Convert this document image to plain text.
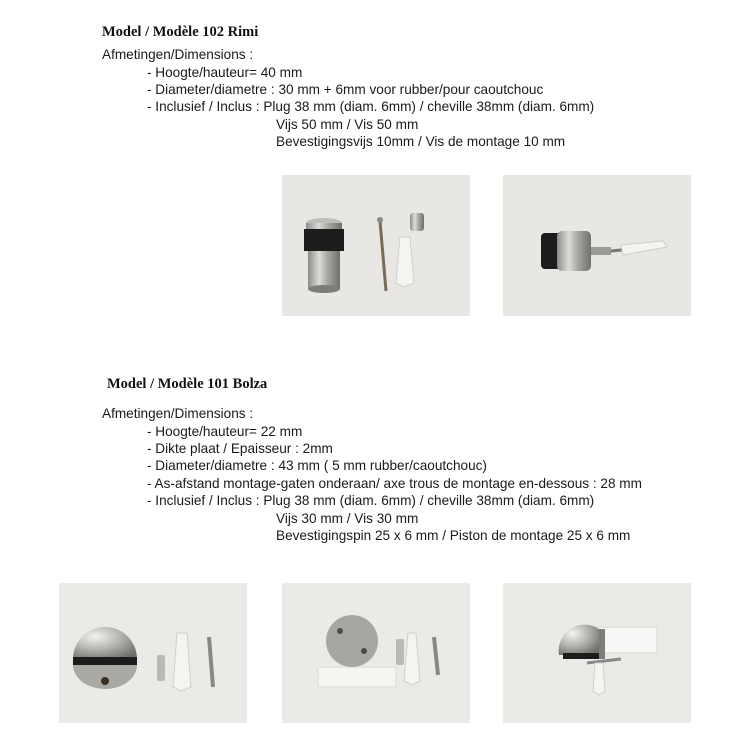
Model / Modèle 102 Rimi
Afmetingen/Dimensions :
- Hoogte/hauteur= 40 mm
- Diameter/diametre : 30 mm + 6mm voor rubber/pour caoutchouc
- Inclusief / Inclus : Plug 38 mm (diam. 6mm) / cheville 38mm (diam. 6mm)
Vijs 50 mm / Vis 50 mm
Bevestigingsvijs 10mm / Vis de montage 10 mm
Model / Modèle 101 Bolza
Afmetingen/Dimensions :
- Hoogte/hauteur= 22 mm
- Dikte plaat / Epaisseur : 2mm
- Diameter/diametre : 43 mm ( 5 mm rubber/caoutchouc)
- As-afstand montage-gaten onderaan/ axe trous de montage en-dessous : 28 mm
- Inclusief / Inclus : Plug 38 mm (diam. 6mm) / cheville 38mm (diam. 6mm)
Vijs 30 mm / Vis 30 mm
Bevestigingspin 25 x 6 mm / Piston de montage 25 x 6 mm
